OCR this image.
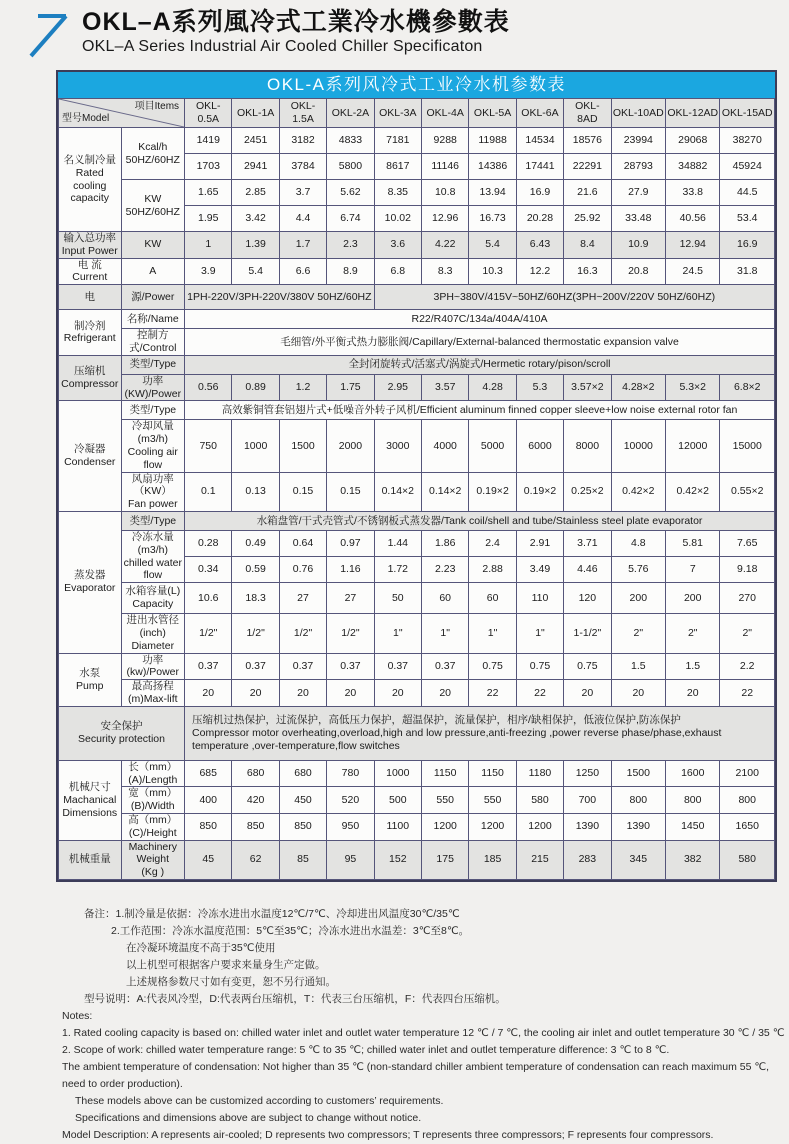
OKL–A系列風冷式工業冷水機參數表
OKL–A Series Industrial Air Cooled Chiller Specificaton
OKL-A系列风冷式工业冷水机参数表
型号Model
项目Items		OKL-0.5A	OKL-1A	OKL-1.5A	OKL-2A	OKL-3A	OKL-4A	OKL-5A	OKL-6A	OKL-8AD	OKL-10AD	OKL-12AD	OKL-15AD

名义制冷量
Rated
cooling
capacity

Kcal/h
50HZ/60HZ
	1419	2451	3182	4833	7181	9288	11988	14534	18576	23994	29068	38270
		1703	2941	3784	5800	8617	11146	14386	17441	22291	28793	34882	45924

	KW
50HZ/60HZ	1.65	2.85	3.7	5.62	8.35	10.8	13.94	16.9	21.6	27.9	33.8	44.5
		1.95	3.42	4.4	6.74	10.02	12.96	16.73	20.28	25.92	33.48	40.56	53.4

输入总功率
Input Power	KW	1	1.39	1.7	2.3	3.6	4.22	5.4	6.43	8.4	10.9	12.94	16.9

电 流
Current	A	3.9	5.4	6.6	8.9	6.8	8.3	10.3	12.2	16.3	20.8	24.5	31.8
电	源/Power	1PH-220V/3PH-220V/380V 50HZ/60HZ				3PH~380V/415V~50HZ/60HZ(3PH~200V/220V 50HZ/60HZ)							

制冷剂
Refrigerant	名称/Name	R22/R407C/134a/404A/410A											
	控制方式/Control	毛细管/外平衡式热力膨胀阀/Capillary/External-balanced thermostatic expansion valve											

压缩机
Compressor	类型/Type	全封闭旋转式/活塞式/涡旋式/Hermetic rotary/pison/scroll											
	功率(KW)/Power	0.56	0.89	1.2	1.75	2.95	3.57	4.28	5.3	3.57×2	4.28×2	5.3×2	6.8×2

冷凝器
Condenser	类型/Type	高效紫铜管套铝翅片式+低噪音外转子风机/Efficient aluminum finned copper sleeve+low noise external rotor fan											

	冷却风量(m3/h)
Cooling air flow	750	1000	1500	2000	3000	4000	5000	6000	8000	10000	12000	15000

	风扇功率（KW）
Fan power	0.1	0.13	0.15	0.15	0.14×2	0.14×2	0.19×2	0.19×2	0.25×2	0.42×2	0.42×2	0.55×2

蒸发器
Evaporator	类型/Type	水箱盘管/干式壳管式/不锈钢板式蒸发器/Tank coil/shell and tube/Stainless steel plate evaporator											

	冷冻水量(m3/h)
chilled water flow	0.28	0.49	0.64	0.97	1.44	1.86	2.4	2.91	3.71	4.8	5.81	7.65
		0.34	0.59	0.76	1.16	1.72	2.23	2.88	3.49	4.46	5.76	7	9.18

	水箱容量(L)
Capacity	10.6	18.3	27	27	50	60	60	110	120	200	200	270

	进出水管径(inch)
Diameter	1/2"	1/2"	1/2"	1/2"	1"	1"	1"	1"	1-1/2"	2"	2"	2"

水泵
Pump	功率(kw)/Power	0.37	0.37	0.37	0.37	0.37	0.37	0.75	0.75	0.75	1.5	1.5	2.2
	最高扬程(m)Max-lift	20	20	20	20	20	20	22	22	20	20	20	22

安全保护
Security protection

压缩机过热保护，过流保护，高低压力保护，超温保护，流量保护，相序/缺相保护，低液位保护,防冻保护
Compressor motor overheating,overload,high and low pressure,anti-freezing ,power reverse phase/phase,exhaust temperature ,over-temperature,flow switches

机械尺寸
Machanical
Dimensions	长（mm）(A)/Length	685	680	680	780	1000	1150	1150	1180	1250	1500	1600	2100
	宽（mm）(B)/Width	400	420	450	520	500	550	550	580	700	800	800	800
	高（mm）(C)/Height	850	850	850	950	1100	1200	1200	1200	1390	1390	1450	1650
机械重量	Machinery Weight
(Kg )	45	62	85	95	152	175	185	215	283	345	382	580
备注：1.制冷量是依据：冷冻水进出水温度12℃/7℃、冷却进出风温度30℃/35℃
2.工作范围：冷冻水温度范围：5℃至35℃；冷冻水进出水温差：3℃至8℃。
在冷凝环境温度不高于35℃使用
以上机型可根据客户要求来量身生产定做。
上述规格参数尺寸如有变更，恕不另行通知。
型号说明：A:代表风冷型，D:代表两台压缩机，T：代表三台压缩机，F：代表四台压缩机。
Notes:
1. Rated cooling capacity is based on: chilled water inlet and outlet water temperature 12 ℃ / 7 ℃, the cooling air inlet and outlet temperature 30 ℃ / 35 ℃
2. Scope of work: chilled water temperature range: 5 ℃ to 35 ℃; chilled water inlet and outlet temperature difference: 3 ℃ to 8 ℃.
The ambient temperature of condensation: Not higher than 35 ℃ (non-standard chiller ambient temperature of condensation can reach maximum 55 ℃, need to order production).
These models above can be customized according to customers’ requirements.
Specifications and dimensions above are subject to change without notice.
Model Description: A represents air-cooled; D represents two compressors; T represents three compressors; F represents four compressors.
